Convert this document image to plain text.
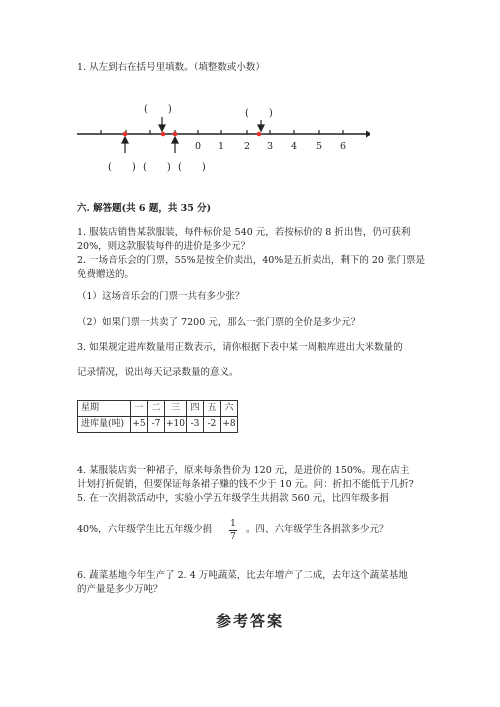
1. 从左到右在括号里填数。（填整数或小数）
0 1 2 3 4 5 6
(　　)	(　　)
(　　) (　　) (　　)
六. 解答题(共 6 题，共 35 分)
1. 服装店销售某款服装，每件标价是 540 元，若按标价的 8 折出售，仍可获利
20%，则这款服装每件的进价是多少元？
2. 一场音乐会的门票，55%是按全价卖出，40%是五折卖出，剩下的 20 张门票是
免费赠送的。
（1）这场音乐会的门票一共有多少张？
（2）如果门票一共卖了 7200 元，那么一张门票的全价是多少元？
3. 如果规定进库数量用正数表示，请你根据下表中某一周粮库进出大米数量的
记录情况，说出每天记录数量的意义。
星期	一	二	三	四	五	六
进库量(吨)	+5	-7	+10	-3	-2	+8
4. 某服装店卖一种裙子，原来每条售价为 120 元，是进价的 150%。现在店主
计划打折促销，但要保证每条裙子赚的钱不少于 10 元。问：折扣不能低于几折?
5. 在一次捐款活动中，实验小学五年级学生共捐款 560 元，比四年级多捐
40%，六年级学生比五年级少捐 1
7
。四、六年级学生各捐款多少元？
6. 蔬菜基地今年生产了 2. 4 万吨蔬菜，比去年增产了二成，去年这个蔬菜基地
的产量是多少万吨？
参考答案
